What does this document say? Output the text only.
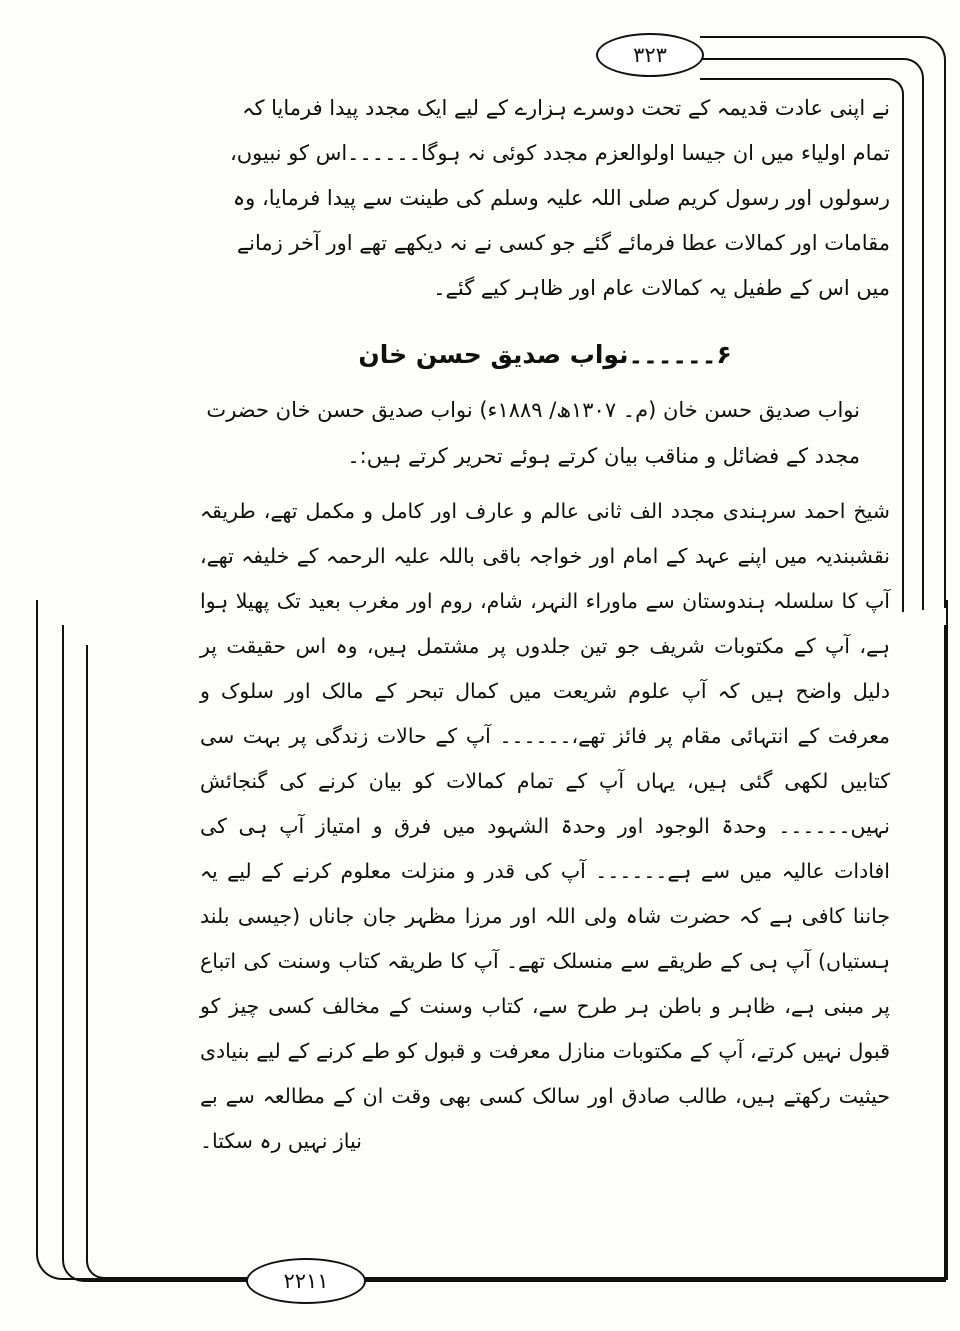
۳۲۳
۲۲۱۱

نے اپنی عادت قدیمہ کے تحت دوسرے ہزارے کے لیے ایک مجدد پیدا فرمایا کہ تمام اولیاء میں ان جیسا اولوالعزم مجدد کوئی نہ ہوگا۔۔۔۔۔۔اس کو نبیوں، رسولوں اور رسول کریم صلی اللہ علیہ وسلم کی طینت سے پیدا فرمایا، وہ مقامات اور کمالات عطا فرمائے گئے جو کسی نے نہ دیکھے تھے اور آخر زمانے میں اس کے طفیل یہ کمالات عام اور ظاہر کیے گئے۔

۶۔۔۔۔۔۔نواب صدیق حسن خان

نواب صدیق حسن خان (م۔ ۱۳۰۷ھ/ ۱۸۸۹ء) نواب صدیق حسن خان حضرت مجدد کے فضائل و مناقب بیان کرتے ہوئے تحریر کرتے ہیں:۔

شیخ احمد سرہندی مجدد الف ثانی عالم و عارف اور کامل و مکمل تھے، طریقہ نقشبندیہ میں اپنے عہد کے امام اور خواجہ باقی باللہ علیہ الرحمہ کے خلیفہ تھے، آپ کا سلسلہ ہندوستان سے ماوراء النہر، شام، روم اور مغرب بعید تک پھیلا ہوا ہے، آپ کے مکتوبات شریف جو تین جلدوں پر مشتمل ہیں، وہ اس حقیقت پر دلیل واضح ہیں کہ آپ علوم شریعت میں کمال تبحر کے مالک اور سلوک و معرفت کے انتہائی مقام پر فائز تھے،۔۔۔۔۔۔ آپ کے حالات زندگی پر بہت سی کتابیں لکھی گئی ہیں، یہاں آپ کے تمام کمالات کو بیان کرنے کی گنجائش نہیں۔۔۔۔۔۔ وحدۃ الوجود اور وحدۃ الشہود میں فرق و امتیاز آپ ہی کی افادات عالیہ میں سے ہے۔۔۔۔۔۔ آپ کی قدر و منزلت معلوم کرنے کے لیے یہ جاننا کافی ہے کہ حضرت شاہ ولی اللہ اور مرزا مظہر جان جاناں (جیسی بلند ہستیاں) آپ ہی کے طریقے سے منسلک تھے۔ آپ کا طریقہ کتاب وسنت کی اتباع پر مبنی ہے، ظاہر و باطن ہر طرح سے، کتاب وسنت کے مخالف کسی چیز کو قبول نہیں کرتے، آپ کے مکتوبات منازل معرفت و قبول کو طے کرنے کے لیے بنیادی حیثیت رکھتے ہیں، طالب صادق اور سالک کسی بھی وقت ان کے مطالعہ سے بے نیاز نہیں رہ سکتا۔
